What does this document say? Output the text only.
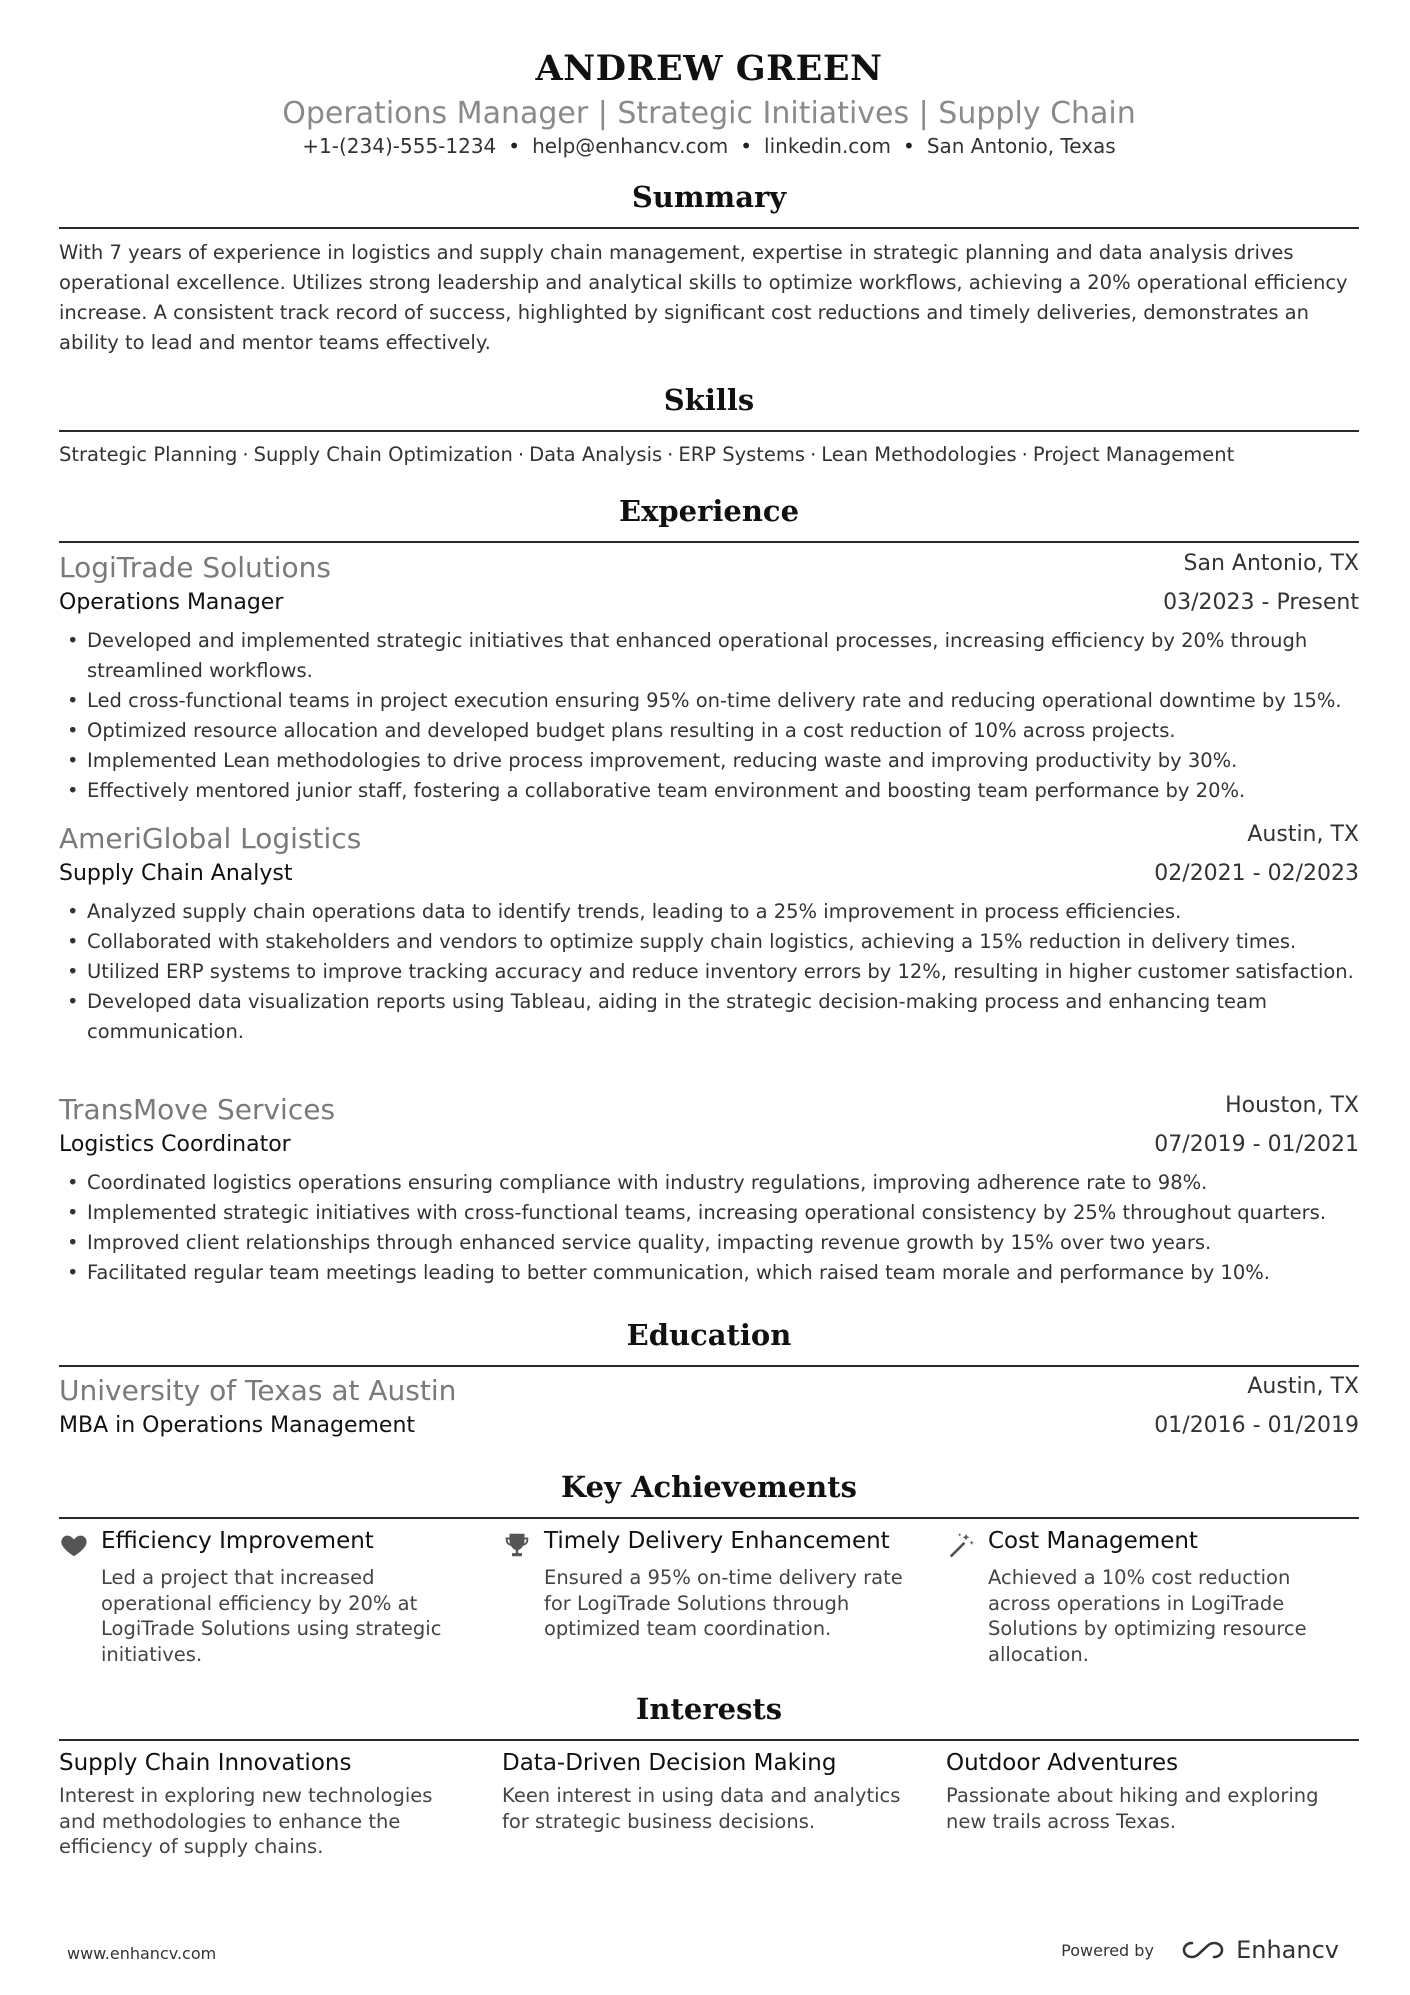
ANDREW GREEN
Operations Manager | Strategic Initiatives | Supply Chain
+1-(234)-555-1234 • help@enhancv.com • linkedin.com • San Antonio, Texas
Summary
With 7 years of experience in logistics and supply chain management, expertise in strategic planning and data analysis drives operational excellence. Utilizes strong leadership and analytical skills to optimize workflows, achieving a 20% operational efficiency increase. A consistent track record of success, highlighted by significant cost reductions and timely deliveries, demonstrates an ability to lead and mentor teams effectively.
Skills
Strategic Planning · Supply Chain Optimization · Data Analysis · ERP Systems · Lean Methodologies · Project Management
Experience
LogiTrade Solutions	San Antonio, TX
Operations Manager	03/2023 - Present
• Developed and implemented strategic initiatives that enhanced operational processes, increasing efficiency by 20% through streamlined workflows.
• Led cross-functional teams in project execution ensuring 95% on-time delivery rate and reducing operational downtime by 15%.
• Optimized resource allocation and developed budget plans resulting in a cost reduction of 10% across projects.
• Implemented Lean methodologies to drive process improvement, reducing waste and improving productivity by 30%.
• Effectively mentored junior staff, fostering a collaborative team environment and boosting team performance by 20%.
AmeriGlobal Logistics	Austin, TX
Supply Chain Analyst	02/2021 - 02/2023
• Analyzed supply chain operations data to identify trends, leading to a 25% improvement in process efficiencies.
• Collaborated with stakeholders and vendors to optimize supply chain logistics, achieving a 15% reduction in delivery times.
• Utilized ERP systems to improve tracking accuracy and reduce inventory errors by 12%, resulting in higher customer satisfaction.
• Developed data visualization reports using Tableau, aiding in the strategic decision-making process and enhancing team communication.
TransMove Services	Houston, TX
Logistics Coordinator	07/2019 - 01/2021
• Coordinated logistics operations ensuring compliance with industry regulations, improving adherence rate to 98%.
• Implemented strategic initiatives with cross-functional teams, increasing operational consistency by 25% throughout quarters.
• Improved client relationships through enhanced service quality, impacting revenue growth by 15% over two years.
• Facilitated regular team meetings leading to better communication, which raised team morale and performance by 10%.
Education
University of Texas at Austin	Austin, TX
MBA in Operations Management	01/2016 - 01/2019
Key Achievements
Efficiency Improvement
Led a project that increased operational efficiency by 20% at LogiTrade Solutions using strategic initiatives.
Timely Delivery Enhancement
Ensured a 95% on-time delivery rate for LogiTrade Solutions through optimized team coordination.
Cost Management
Achieved a 10% cost reduction across operations in LogiTrade Solutions by optimizing resource allocation.
Interests
Supply Chain Innovations
Interest in exploring new technologies and methodologies to enhance the efficiency of supply chains.
Data-Driven Decision Making
Keen interest in using data and analytics for strategic business decisions.
Outdoor Adventures
Passionate about hiking and exploring new trails across Texas.
www.enhancv.com	Powered by	Enhancv
